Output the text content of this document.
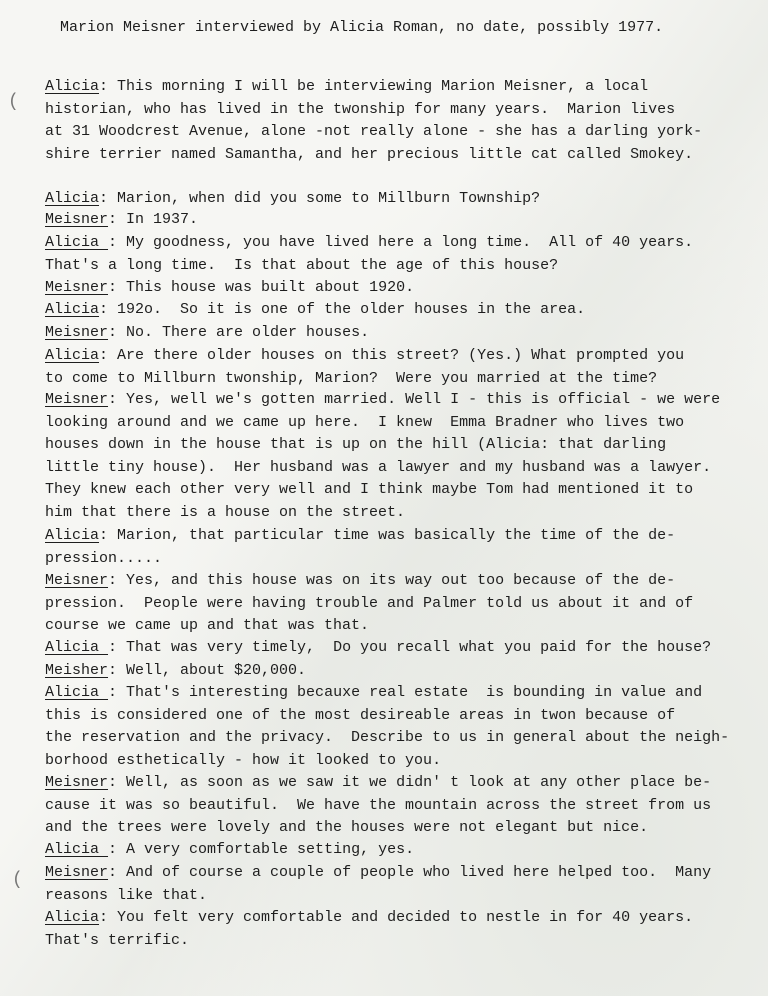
Marion Meisner interviewed by Alicia Roman, no date, possibly 1977.
Alicia: This morning I will be interviewing Marion Meisner, a local
historian, who has lived in the twonship for many years.  Marion lives
at 31 Woodcrest Avenue, alone -not really alone - she has a darling york-
shire terrier named Samantha, and her precious little cat called Smokey.
Alicia: Marion, when did you some to Millburn Township?
Meisner: In 1937.
Alicia : My goodness, you have lived here a long time.  All of 40 years.
That's a long time.  Is that about the age of this house?
Meisner: This house was built about 1920.
Alicia: 192o.  So it is one of the older houses in the area.
Meisner: No. There are older houses.
Alicia: Are there older houses on this street? (Yes.) What prompted you
to come to Millburn twonship, Marion?  Were you married at the time?
Meisner: Yes, well we's gotten married. Well I - this is official - we were
looking around and we came up here.  I knew  Emma Bradner who lives two
houses down in the house that is up on the hill (Alicia: that darling
little tiny house).  Her husband was a lawyer and my husband was a lawyer.
They knew each other very well and I think maybe Tom had mentioned it to
him that there is a house on the street.
Alicia: Marion, that particular time was basically the time of the de-
pression.....
Meisner: Yes, and this house was on its way out too because of the de-
pression.  People were having trouble and Palmer told us about it and of
course we came up and that was that.
Alicia : That was very timely,  Do you recall what you paid for the house?
Meisher: Well, about $20,000.
Alicia : That's interesting becauxe real estate  is bounding in value and
this is considered one of the most desireable areas in twon because of
the reservation and the privacy.  Describe to us in general about the neigh-
borhood esthetically - how it looked to you.
Meisner: Well, as soon as we saw it we didn' t look at any other place be-
cause it was so beautiful.  We have the mountain across the street from us
and the trees were lovely and the houses were not elegant but nice.
Alicia : A very comfortable setting, yes.
Meisner: And of course a couple of people who lived here helped too.  Many
reasons like that.
Alicia: You felt very comfortable and decided to nestle in for 40 years.
That's terrific.
(
(
